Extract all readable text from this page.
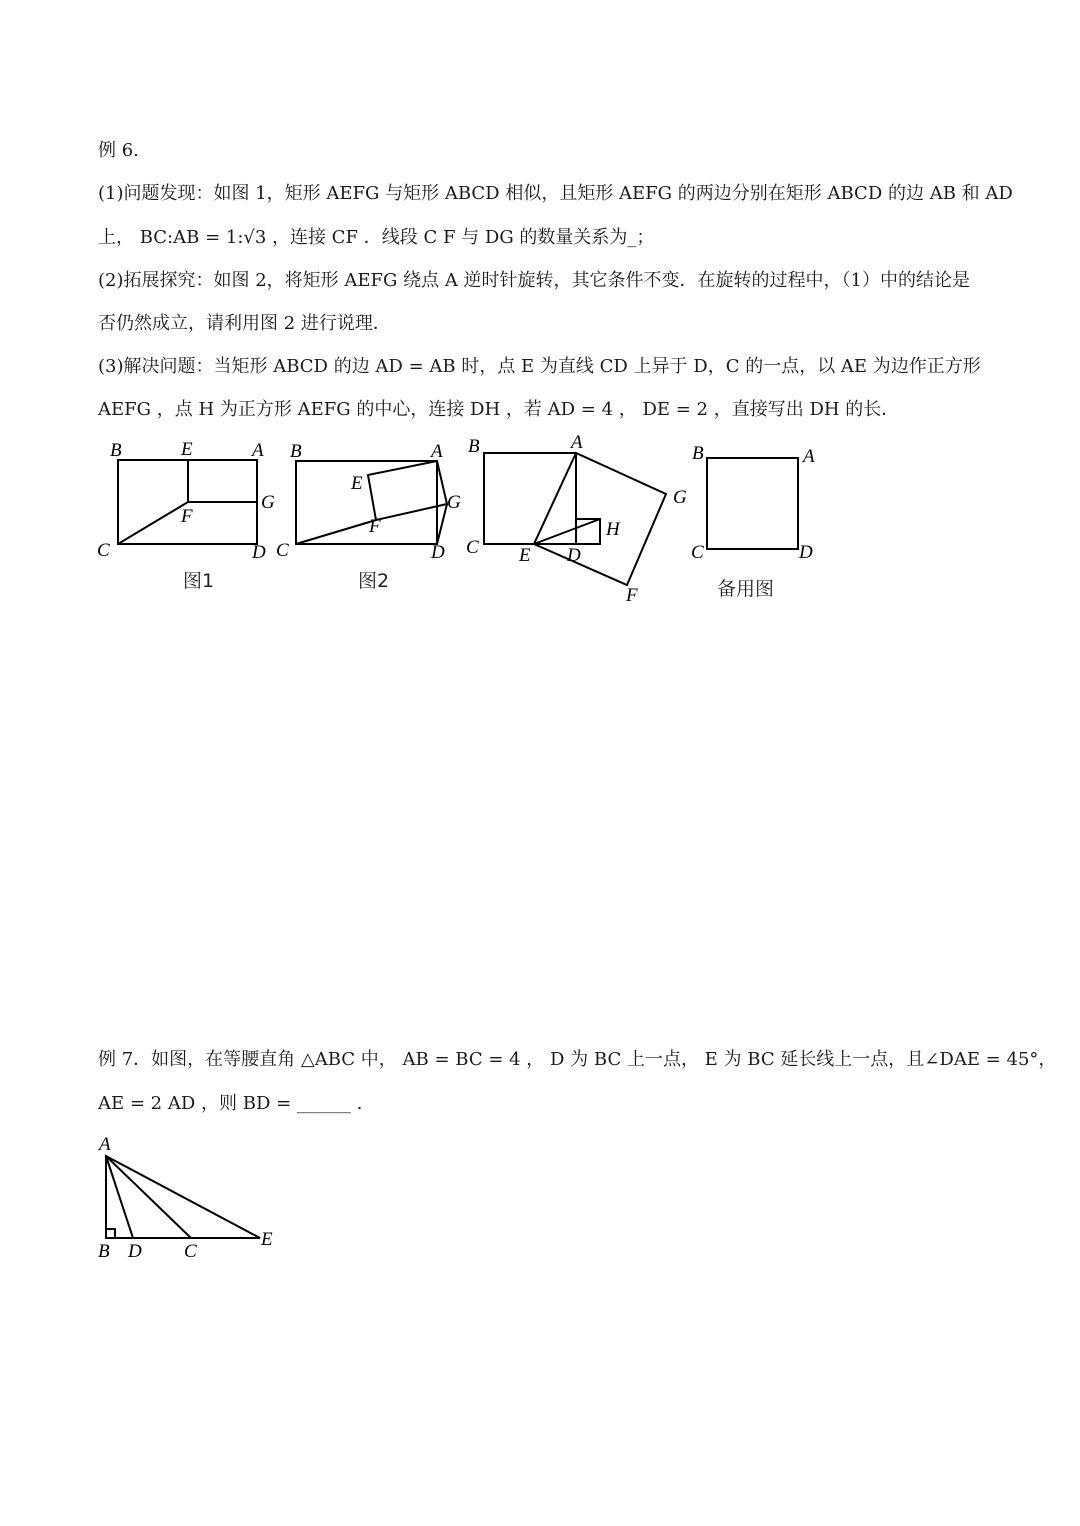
例 6.
(1)问题发现：如图 1，矩形 AEFG 与矩形 ABCD 相似，且矩形 AEFG 的两边分别在矩形 ABCD 的边 AB 和 AD
上， BC:AB = 1:√3 ，连接 CF ．线段 C F 与 DG 的数量关系为_；
(2)拓展探究：如图 2，将矩形 AEFG 绕点 A 逆时针旋转，其它条件不变．在旋转的过程中，（1）中的结论是
否仍然成立，请利用图 2 进行说理．
(3)解决问题：当矩形 ABCD 的边 AD = AB 时，点 E 为直线 CD 上异于 D，C 的一点，以 AE 为边作正方形
AEFG ，点 H 为正方形 AEFG 的中心，连接 DH ，若 AD = 4 ， DE = 2 ，直接写出 DH 的长．
B	E	A
G
F
C	D
图1
B	A
E
G
F
C	D
图2
B	A
G
H
C E D
F
B	A
C	D
备用图
例 7．如图，在等腰直角 △ABC 中， AB = BC = 4 ， D 为 BC 上一点， E 为 BC 延长线上一点，且∠DAE = 45°，
AE = 2 AD ，则 BD = ______ .
A
B D C
E
